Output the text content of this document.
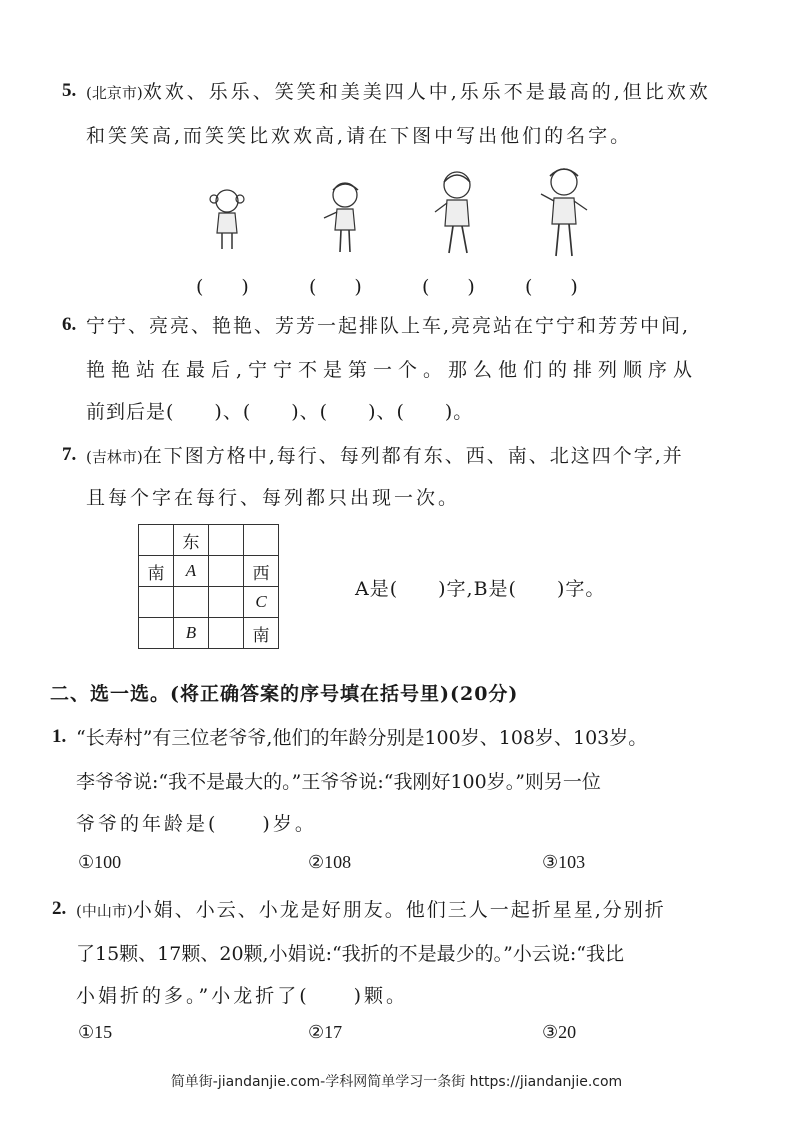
5. (北京市)欢欢、乐乐、笑笑和美美四人中,乐乐不是最高的,但比欢欢
和笑笑高,而笑笑比欢欢高,请在下图中写出他们的名字。
(　　)	(　　)	(　　)	(　　)
6. 宁宁、亮亮、艳艳、芳芳一起排队上车,亮亮站在宁宁和芳芳中间,
艳艳站在最后,宁宁不是第一个。那么他们的排列顺序从
前到后是(　　)、(　　)、(　　)、(　　)。
7. (吉林市)在下图方格中,每行、每列都有东、西、南、北这四个字,并
且每个字在每行、每列都只出现一次。
	东		
南	A		西
			C
	B		南
A是(　　)字,B是(　　)字。
二、选一选。(将正确答案的序号填在括号里)(20分)
1. “长寿村”有三位老爷爷,他们的年龄分别是100岁、108岁、103岁。
李爷爷说:“我不是最大的。”王爷爷说:“我刚好100岁。”则另一位
爷爷的年龄是(　　)岁。
①100	②108	③103
2. (中山市)小娟、小云、小龙是好朋友。他们三人一起折星星,分别折
了15颗、17颗、20颗,小娟说:“我折的不是最少的。”小云说:“我比
小娟折的多。”小龙折了(　　)颗。
①15	②17	③20
简单街-jiandanjie.com-学科网简单学习一条街 https://jiandanjie.com
